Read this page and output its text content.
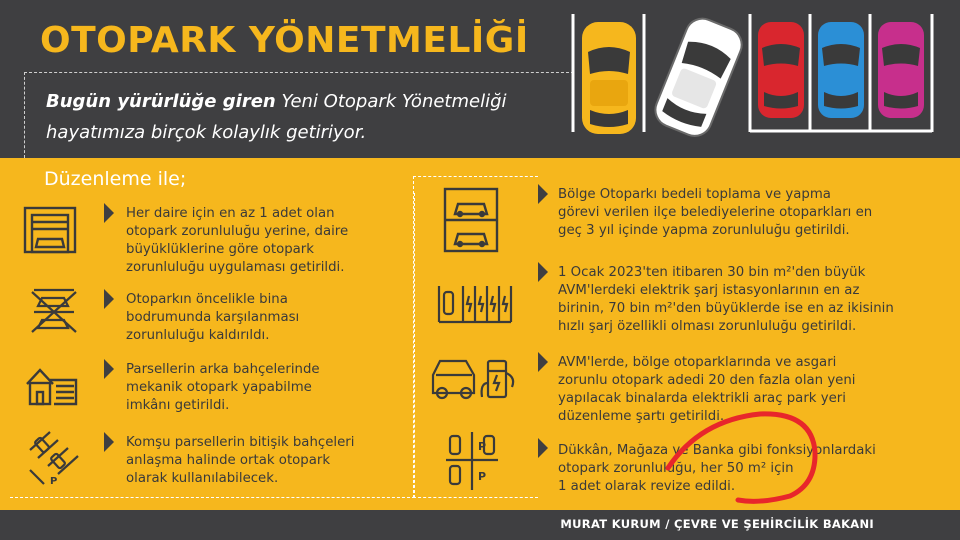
OTOPARK YÖNETMELİĞİ
Bugün yürürlüğe giren Yeni Otopark Yönetmeliği
hayatımıza birçok kolaylık getiriyor.
Düzenleme ile;
P
Her daire için en az 1 adet olan
otopark zorunluluğu yerine, daire
büyüklüklerine göre otopark
zorunluluğu uygulaması getirildi.
Otoparkın öncelikle bina
bodrumunda karşılanması
zorunluluğu kaldırıldı.
Parsellerin arka bahçelerinde
mekanik otopark yapabilme
imkânı getirildi.
Komşu parsellerin bitişik bahçeleri
anlaşma halinde ortak otopark
olarak kullanılabilecek.
P
P
Bölge Otoparkı bedeli toplama ve yapma
görevi verilen ilçe belediyelerine otoparkları en
geç 3 yıl içinde yapma zorunluluğu getirildi.
1 Ocak 2023'ten itibaren 30 bin m²'den büyük
AVM'lerdeki elektrik şarj istasyonlarının en az
birinin, 70 bin m²'den büyüklerde ise en az ikisinin
hızlı şarj özellikli olması zorunluluğu getirildi.
AVM'lerde, bölge otoparklarında ve asgari
zorunlu otopark adedi 20 den fazla olan yeni
yapılacak binalarda elektrikli araç park yeri
düzenleme şartı getirildi.
Dükkân, Mağaza ve Banka gibi fonksiyonlardaki
otopark zorunluluğu, her 50 m² için
1 adet olarak revize edildi.
MURAT KURUM / ÇEVRE VE ŞEHİRCİLİK BAKANI
